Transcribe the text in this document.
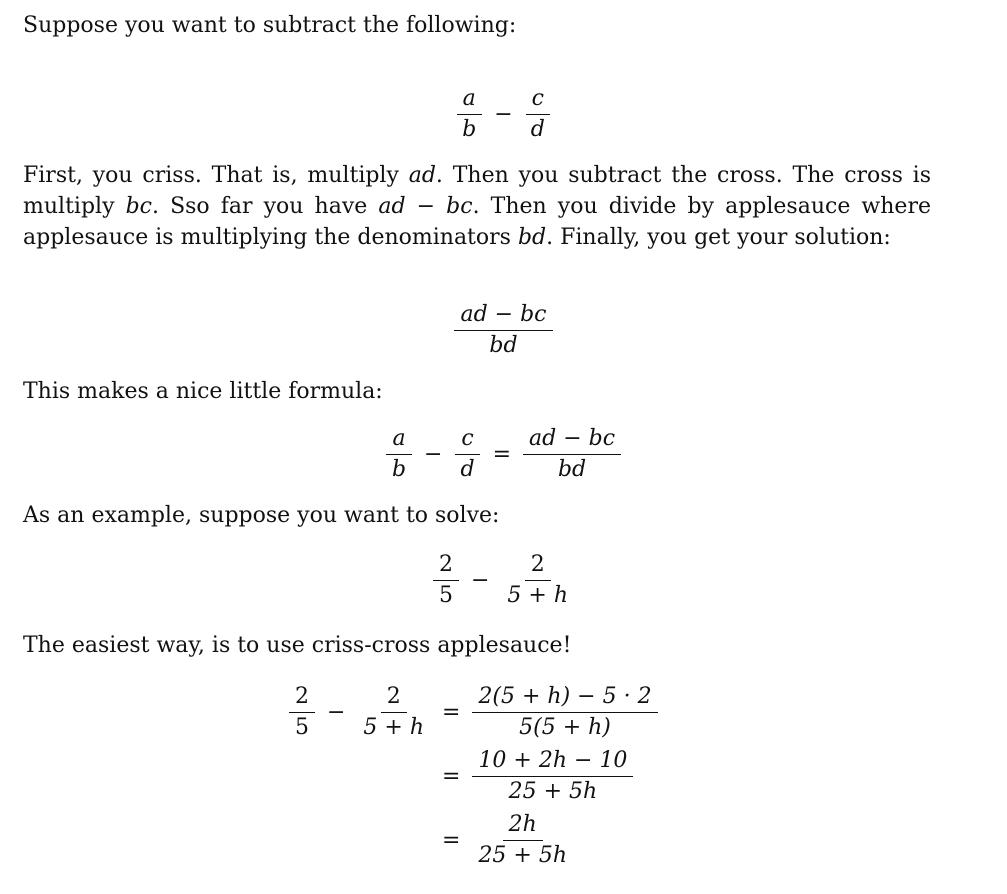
Suppose you want to subtract the following:
$\frac{a}{b} - \frac{c}{d}$
First, you criss. That is, multiply ad. Then you subtract the cross. The cross is multiply bc. Sso far you have ad − bc. Then you divide by applesauce where applesauce is multiplying the denominators bd. Finally, you get your solution:
$\frac{ad - bc}{bd}$
This makes a nice little formula:
$\frac{a}{b} - \frac{c}{d} = \frac{ad - bc}{bd}$
As an example, suppose you want to solve:
$\frac{2}{5} - \frac{2}{5 + h}$
The easiest way, is to use criss-cross applesauce!
$\frac{2}{5} - \frac{2}{5 + h} = \frac{2(5 + h) - 5 \cdot 2}{5(5 + h)}$
= $\frac{10 + 2h - 10}{25 + 5h}$
= $\frac{2h}{25 + 5h}$
